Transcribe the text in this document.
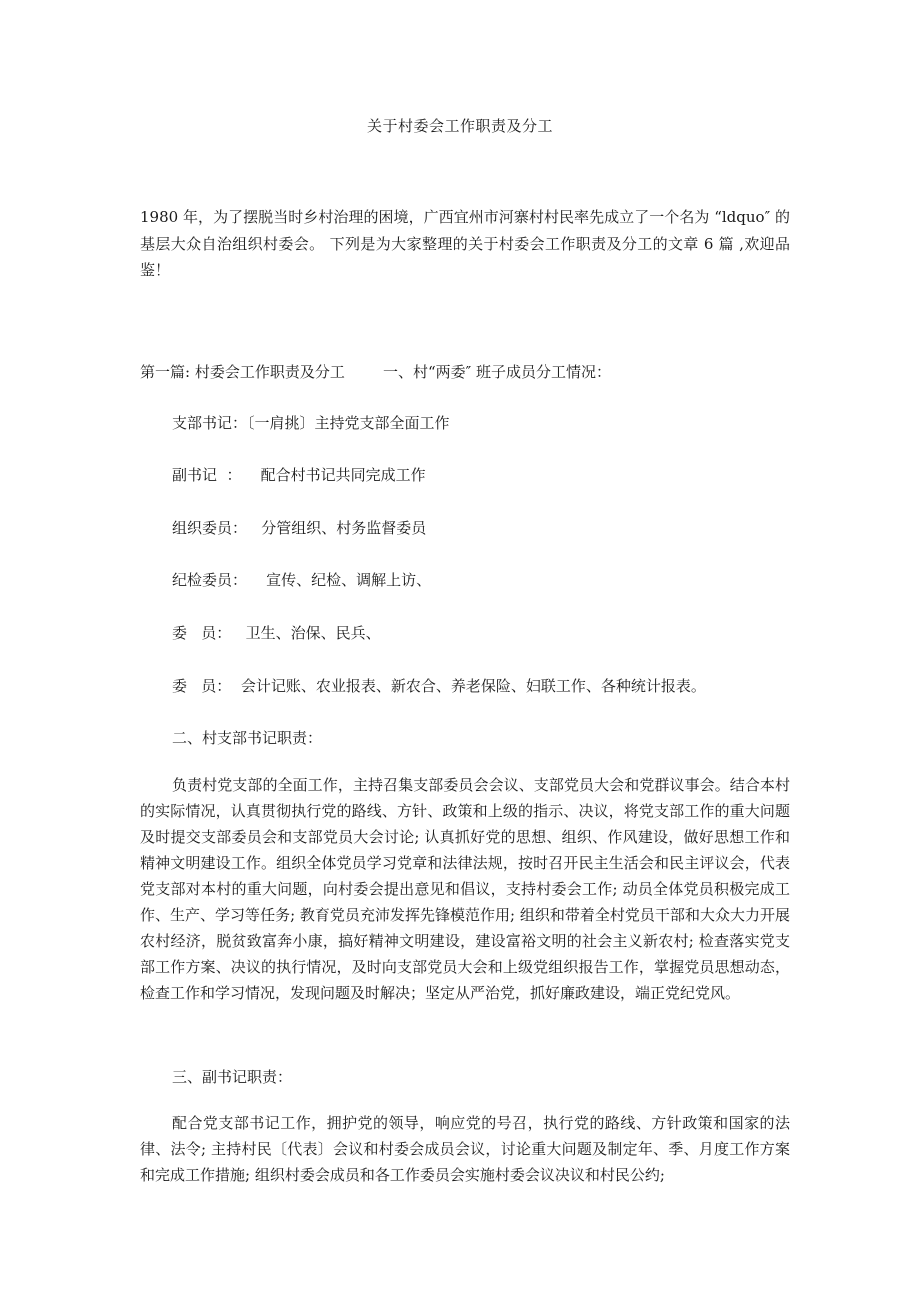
关于村委会工作职责及分工

1980 年，为了摆脱当时乡村治理的困境，广西宜州市河寨村村民率先成立了一个名为 “ldquo″ 的基层大众自治组织村委会。 下列是为大家整理的关于村委会工作职责及分工的文章 6 篇 ,欢迎品鉴！

第一篇: 村委会工作职责及分工        一、村“两委″ 班子成员分工情况：

支部书记：〔一肩挑〕主持党支部全面工作

副书记  ：    配合村书记共同完成工作

组织委员：   分管组织、村务监督委员

纪检委员：    宣传、纪检、调解上访、

委   员：   卫生、治保、民兵、

委   员：  会计记账、农业报表、新农合、养老保险、妇联工作、各种统计报表。

二、村支部书记职责：

负责村党支部的全面工作，主持召集支部委员会会议、支部党员大会和党群议事会。结合本村的实际情况，认真贯彻执行党的路线、方针、政策和上级的指示、决议，将党支部工作的重大问题及时提交支部委员会和支部党员大会讨论; 认真抓好党的思想、组织、作风建设，做好思想工作和精神文明建设工作。组织全体党员学习党章和法律法规，按时召开民主生活会和民主评议会，代表党支部对本村的重大问题，向村委会提出意见和倡议，支持村委会工作; 动员全体党员积极完成工作、生产、学习等任务; 教育党员充沛发挥先锋模范作用; 组织和带着全村党员干部和大众大力开展农村经济，脱贫致富奔小康，搞好精神文明建设，建设富裕文明的社会主义新农村; 检查落实党支部工作方案、决议的执行情况，及时向支部党员大会和上级党组织报告工作，掌握党员思想动态，检查工作和学习情况，发现问题及时解决；坚定从严治党，抓好廉政建设，端正党纪党风。

三、副书记职责：

配合党支部书记工作，拥护党的领导，响应党的号召，执行党的路线、方针政策和国家的法律、法令; 主持村民〔代表〕会议和村委会成员会议，讨论重大问题及制定年、季、月度工作方案和完成工作措施; 组织村委会成员和各工作委员会实施村委会议决议和村民公约;
